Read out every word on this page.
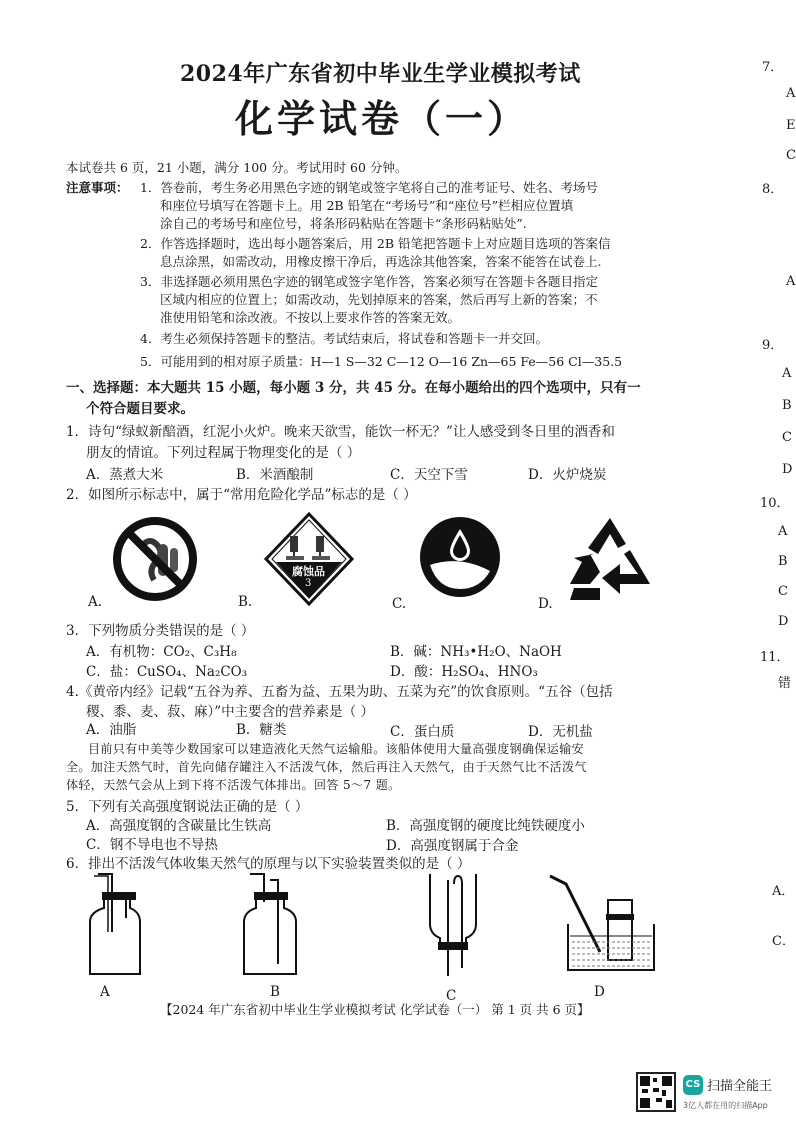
2024年广东省初中毕业生学业模拟考试
化学试卷（一）
本试卷共 6 页，21 小题，满分 100 分。考试用时 60 分钟。
注意事项： 1．答卷前，考生务必用黑色字迹的钢笔或签字笔将自己的准考证号、姓名、考场号
和座位号填写在答题卡上。用 2B 铅笔在“考场号”和“座位号”栏相应位置填
涂自己的考场号和座位号，将条形码粘贴在答题卡“条形码粘贴处”.
2．作答选择题时，选出每小题答案后，用 2B 铅笔把答题卡上对应题目选项的答案信
息点涂黑，如需改动，用橡皮擦干净后，再选涂其他答案，答案不能答在试卷上.
3．非选择题必须用黑色字迹的钢笔或签字笔作答，答案必须写在答题卡各题目指定
区域内相应的位置上；如需改动，先划掉原来的答案，然后再写上新的答案；不
准使用铅笔和涂改液。不按以上要求作答的答案无效。
4．考生必须保持答题卡的整洁。考试结束后，将试卷和答题卡一并交回。
5．可能用到的相对原子质量：H—1 S—32 C—12 O—16 Zn—65 Fe—56 Cl—35.5
一、选择题：本大题共 15 小题，每小题 3 分，共 45 分。在每小题给出的四个选项中，只有一
个符合题目要求。
1．诗句“绿蚁新醅酒，红泥小火炉。晚来天欲雪，能饮一杯无？”让人感受到冬日里的酒香和
朋友的情谊。下列过程属于物理变化的是（ ）
A．蒸煮大米	B．米酒酿制	C．天空下雪	D．火炉烧炭
2．如图所示标志中，属于“常用危险化学品”标志的是（ ）
A.
腐蚀品
3
B.	C.	D.
3．下列物质分类错误的是（ ）
A．有机物：CO₂、C₃H₈	B．碱：NH₃•H₂O、NaOH
C．盐：CuSO₄、Na₂CO₃	D．酸：H₂SO₄、HNO₃
4.《黄帝内经》记载“五谷为养、五畜为益、五果为助、五菜为充”的饮食原则。“五谷（包括
稷、黍、麦、菽、麻）”中主要含的营养素是（ ）
A．油脂	B．糖类	C．蛋白质	D．无机盐
目前只有中美等少数国家可以建造液化天然气运输船。该船体使用大量高强度钢确保运输安
全。加注天然气时，首先向储存罐注入不活泼气体，然后再注入天然气，由于天然气比不活泼气
体轻，天然气会从上到下将不活泼气体排出。回答 5～7 题。
5．下列有关高强度钢说法正确的是（ ）
A．高强度钢的含碳量比生铁高	B．高强度钢的硬度比纯铁硬度小
C．钢不导电也不导热	D．高强度钢属于合金
6．排出不活泼气体收集天然气的原理与以下实验装置类似的是（ ）
A	B	C	D
【2024 年广东省初中毕业生学业模拟考试 化学试卷（一） 第 1 页 共 6 页】
7．
A
E
C
8．
A
9．
A
B
C
D
10．
A
B
C
D
11．
错
A．
C．
CS 扫描全能王
3亿人都在用的扫描App
